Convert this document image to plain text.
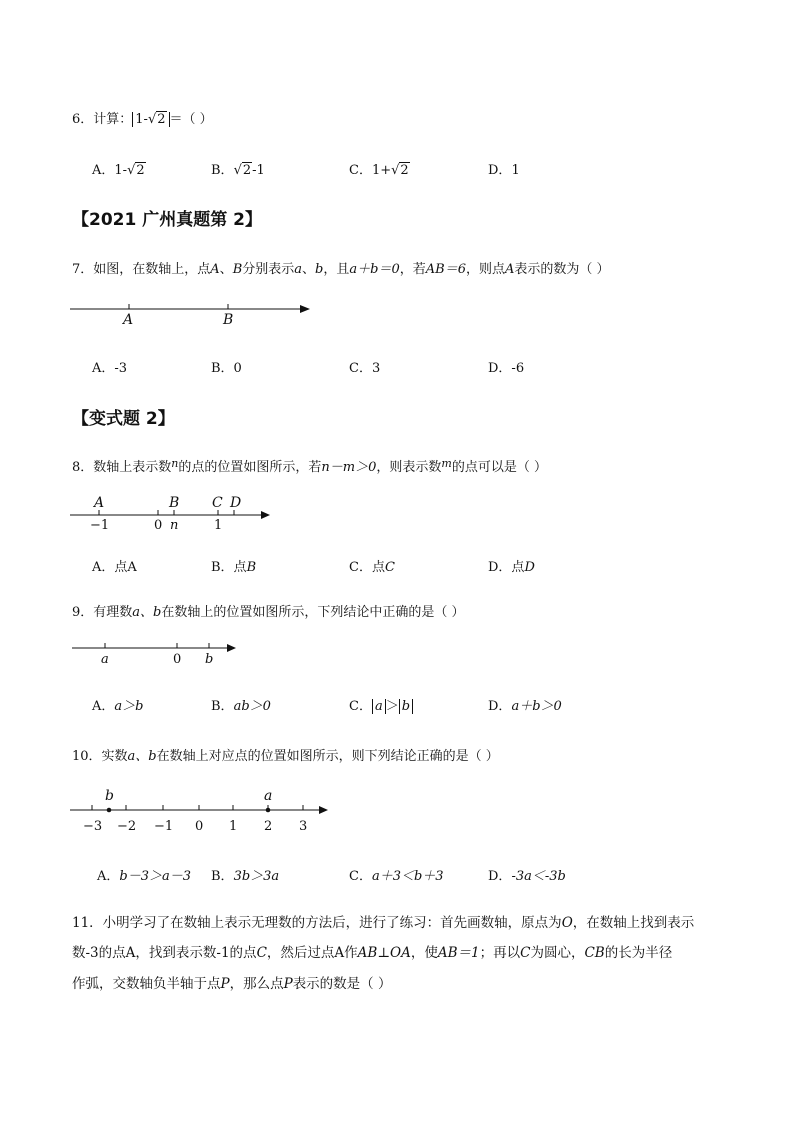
6．计算： 1-√2 ＝（ ）
A．1-√2	B．√2-1	C．1+√2	D．1
【2021 广州真题第 2】
7．如图，在数轴上，点A、B分别表示a、b，且a＋b＝0，若AB＝6，则点A表示的数为（ ）
A	B
A．-3	B．0	C．3	D．-6
【变式题 2】
8．数轴上表示数$^n$的点的位置如图所示，若n－m＞0，则表示数$^m$的点可以是（ ）
A	B C D
−1	0 n	1
A．点A	B．点B	C．点C	D．点D
9．有理数a、b在数轴上的位置如图所示，下列结论中正确的是（ ）
a	0 b
A．a＞b	B．ab＞0	C． a ＞ b	D．a＋b＞0
10．实数a、b在数轴上对应点的位置如图所示，则下列结论正确的是（ ）
b	a
−3 −2 −1 0 1 2 3
A．b－3＞a－3 B．3b＞3a	C．a＋3＜b＋3	D．-3a＜-3b
11．小明学习了在数轴上表示无理数的方法后，进行了练习：首先画数轴，原点为O，在数轴上找到表示
数-3的点A，找到表示数-1的点C，然后过点A作AB⊥OA，使AB＝1；再以C为圆心，CB的长为半径
作弧，交数轴负半轴于点P，那么点P表示的数是（ ）
